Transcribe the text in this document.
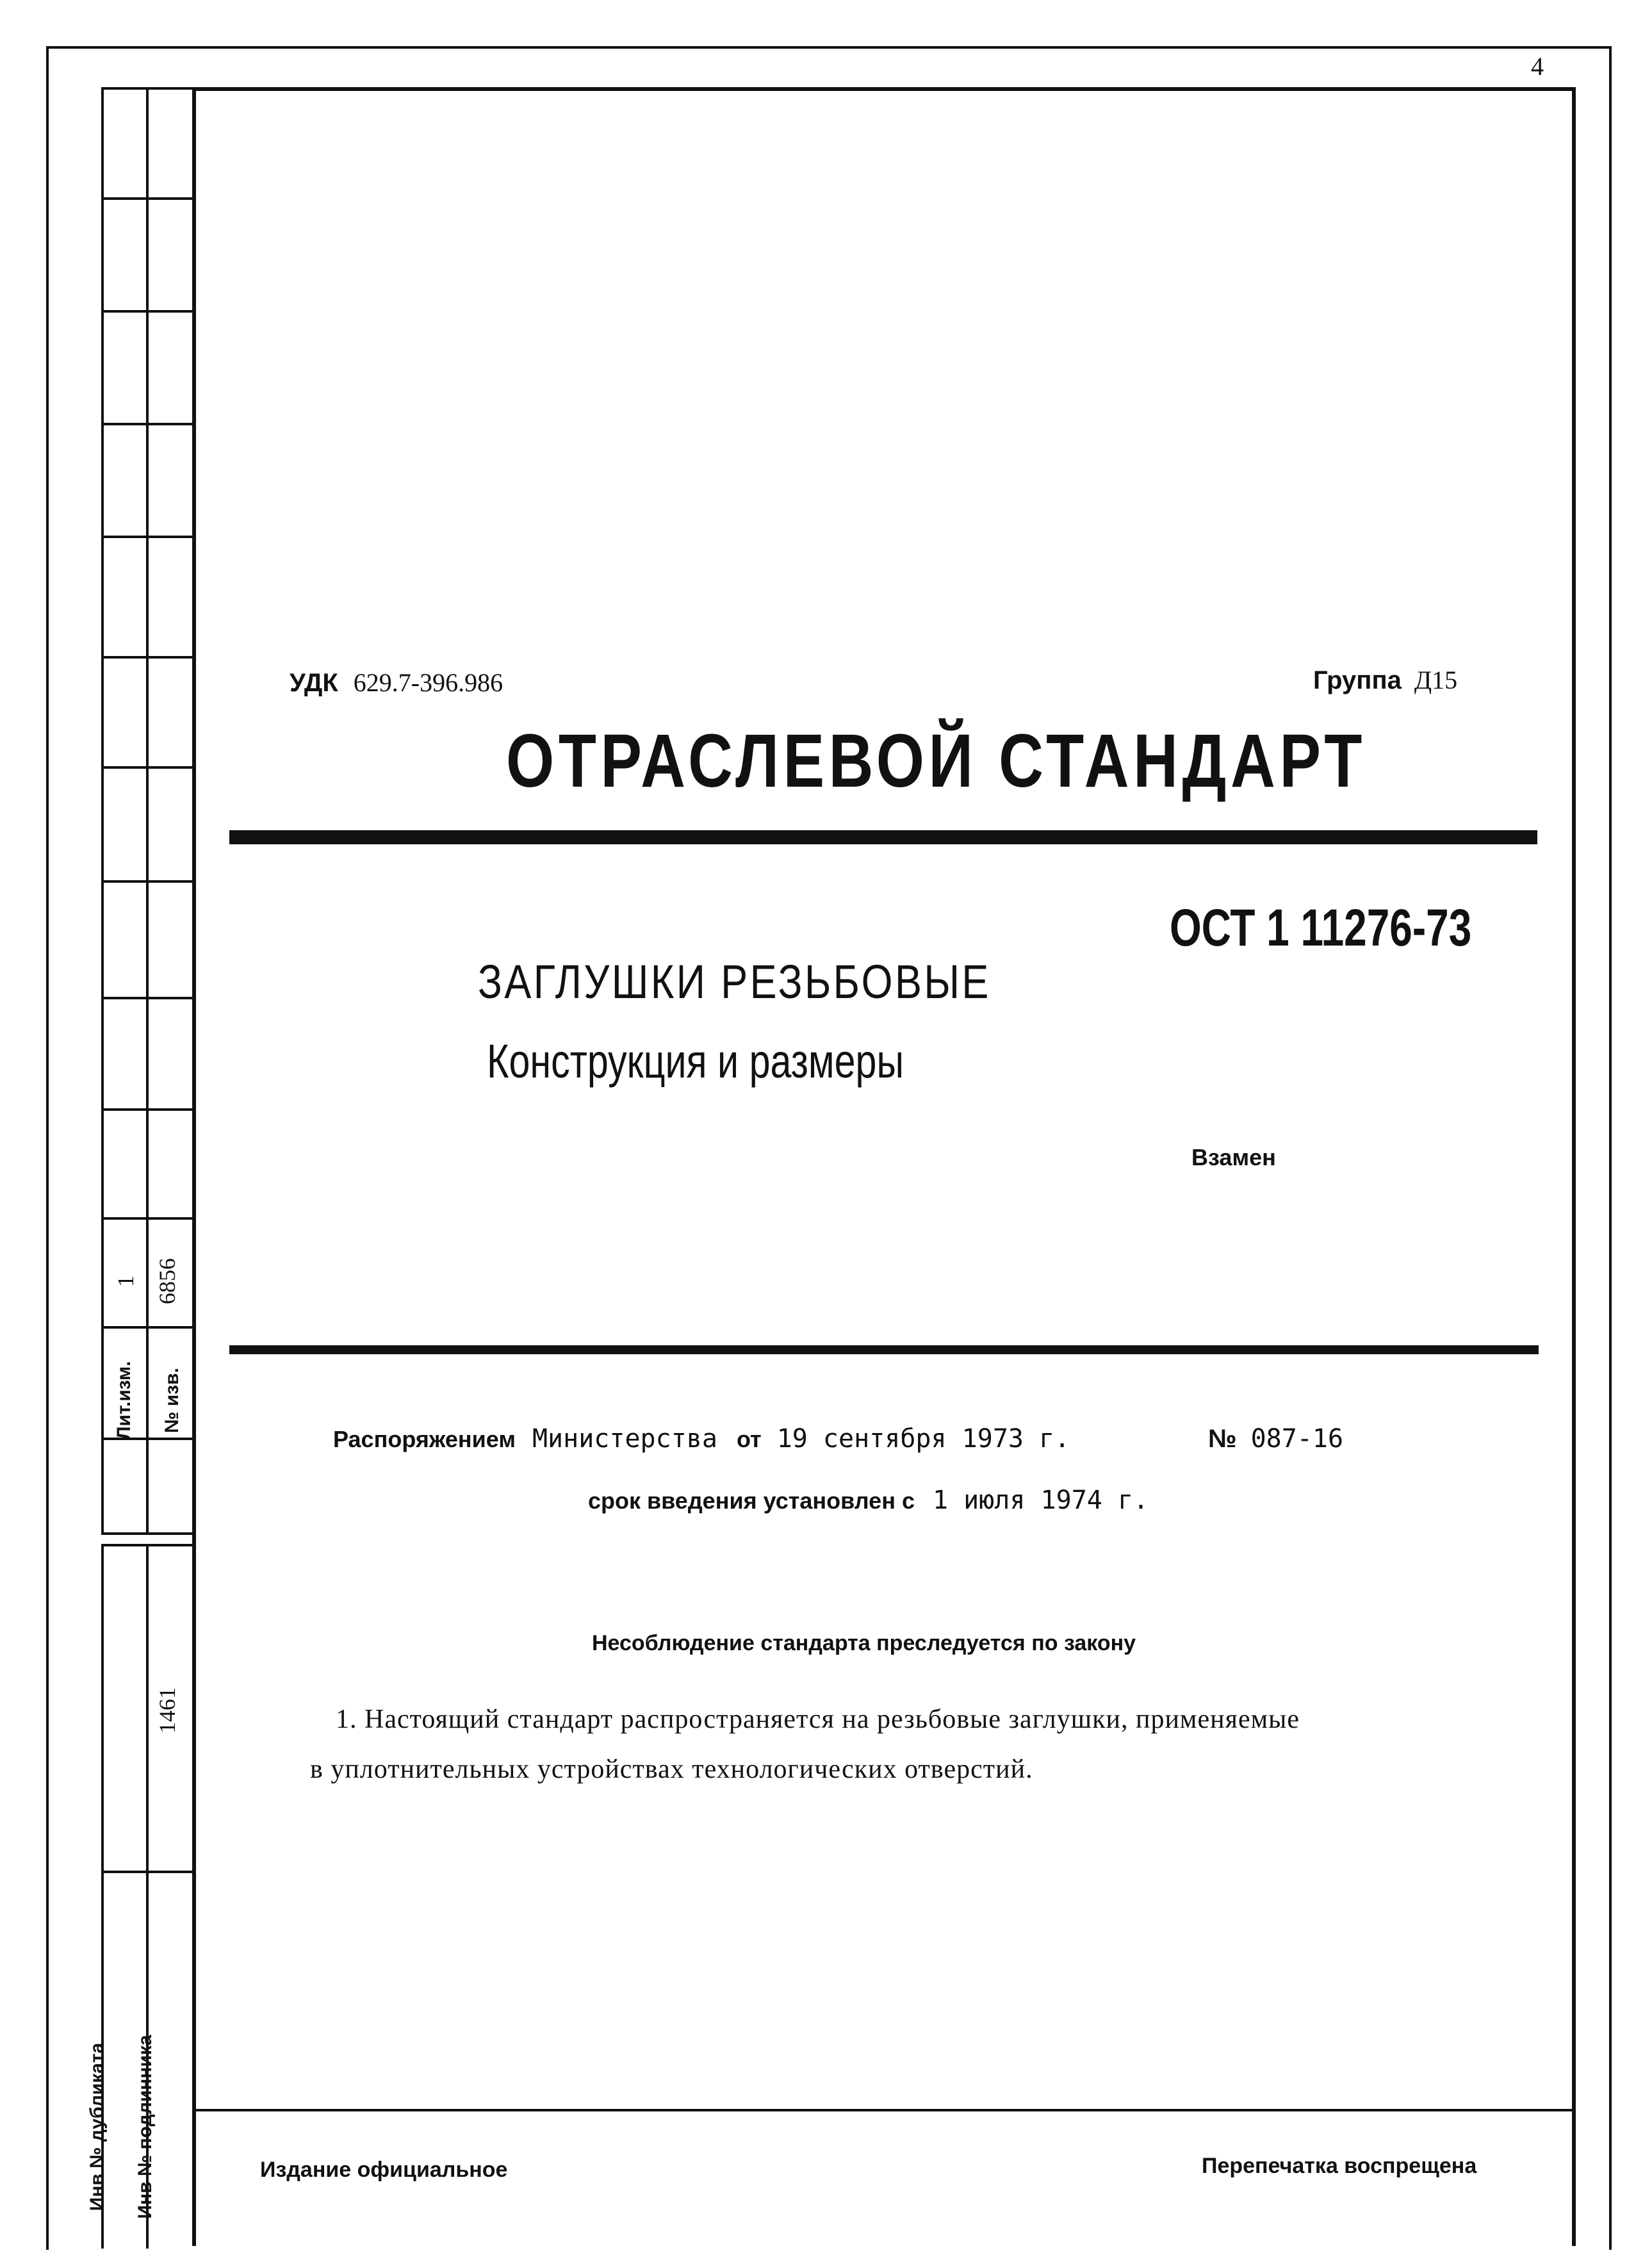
4
Лит.изм.
1
№ изв.
6856
1461
Инв № дубликата Инв № подлинника
УДК 629.7-396.986	Группа Д15
ОТРАСЛЕВОЙ СТАНДАРТ
ОСТ 1 11276-73
ЗАГЛУШКИ РЕЗЬБОВЫЕ
Конструкция и размеры
Взамен
Распоряжением Министерства от 19 сентября 1973 г.	№ 087-16
срок введения установлен с 1 июля 1974 г.
Несоблюдение стандарта преследуется по закону
1. Настоящий стандарт распространяется на резьбовые заглушки, применяемые
в уплотнительных устройствах технологических отверстий.
Издание официальное	Перепечатка воспрещена
